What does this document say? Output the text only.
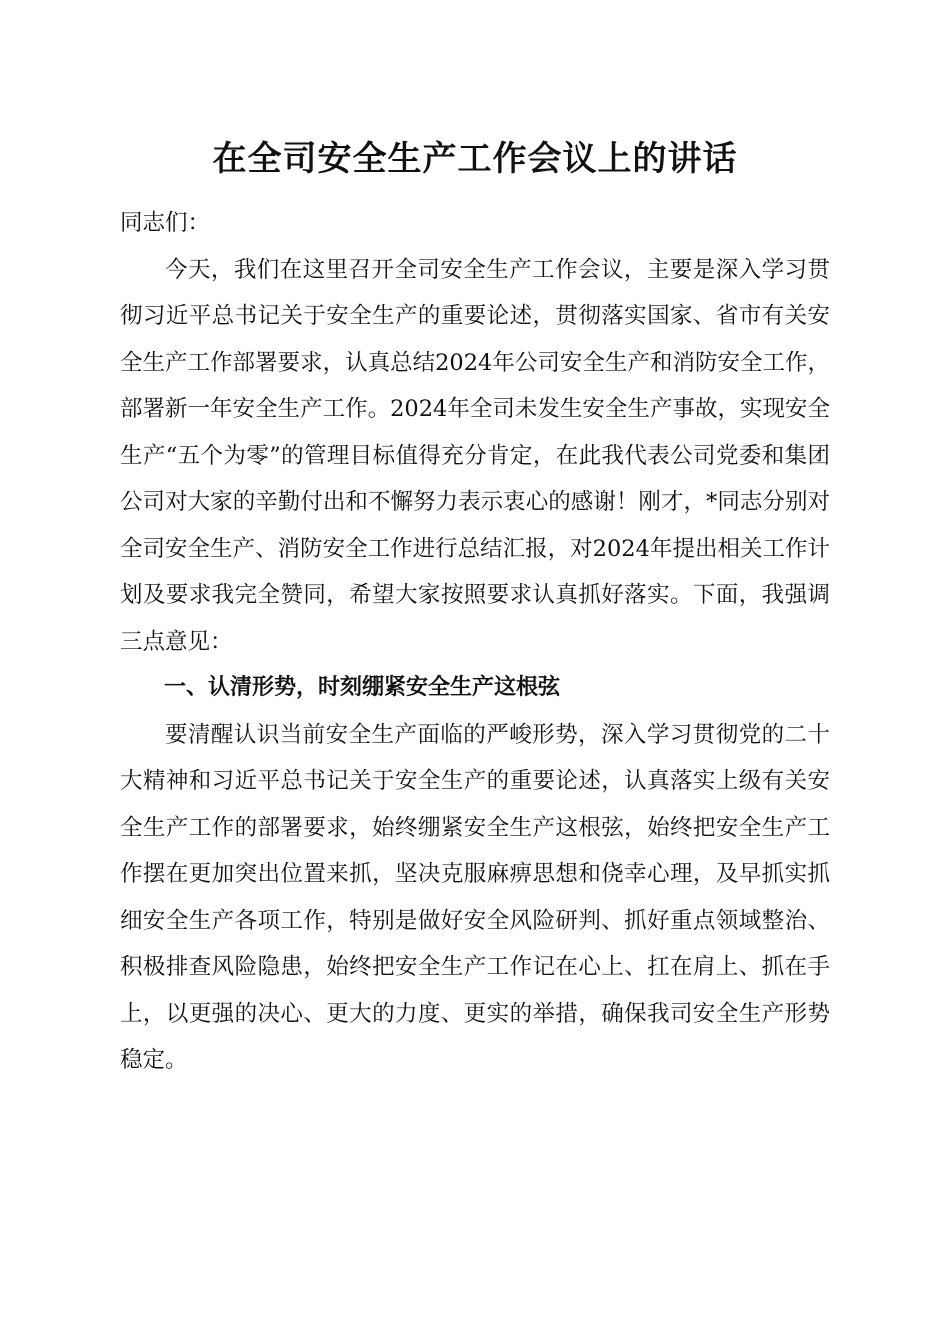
在全司安全生产工作会议上的讲话

同志们：

今天，我们在这里召开全司安全生产工作会议，主要是深入学习贯彻习近平总书记关于安全生产的重要论述，贯彻落实国家、省市有关安全生产工作部署要求，认真总结2024年公司安全生产和消防安全工作，部署新一年安全生产工作。2024年全司未发生安全生产事故，实现安全生产“五个为零”的管理目标值得充分肯定，在此我代表公司党委和集团公司对大家的辛勤付出和不懈努力表示衷心的感谢！刚才，*同志分别对全司安全生产、消防安全工作进行总结汇报，对2024年提出相关工作计划及要求我完全赞同，希望大家按照要求认真抓好落实。下面，我强调三点意见：

一、认清形势，时刻绷紧安全生产这根弦

要清醒认识当前安全生产面临的严峻形势，深入学习贯彻党的二十大精神和习近平总书记关于安全生产的重要论述，认真落实上级有关安全生产工作的部署要求，始终绷紧安全生产这根弦，始终把安全生产工作摆在更加突出位置来抓，坚决克服麻痹思想和侥幸心理，及早抓实抓细安全生产各项工作，特别是做好安全风险研判、抓好重点领域整治、积极排查风险隐患，始终把安全生产工作记在心上、扛在肩上、抓在手上，以更强的决心、更大的力度、更实的举措，确保我司安全生产形势稳定。
